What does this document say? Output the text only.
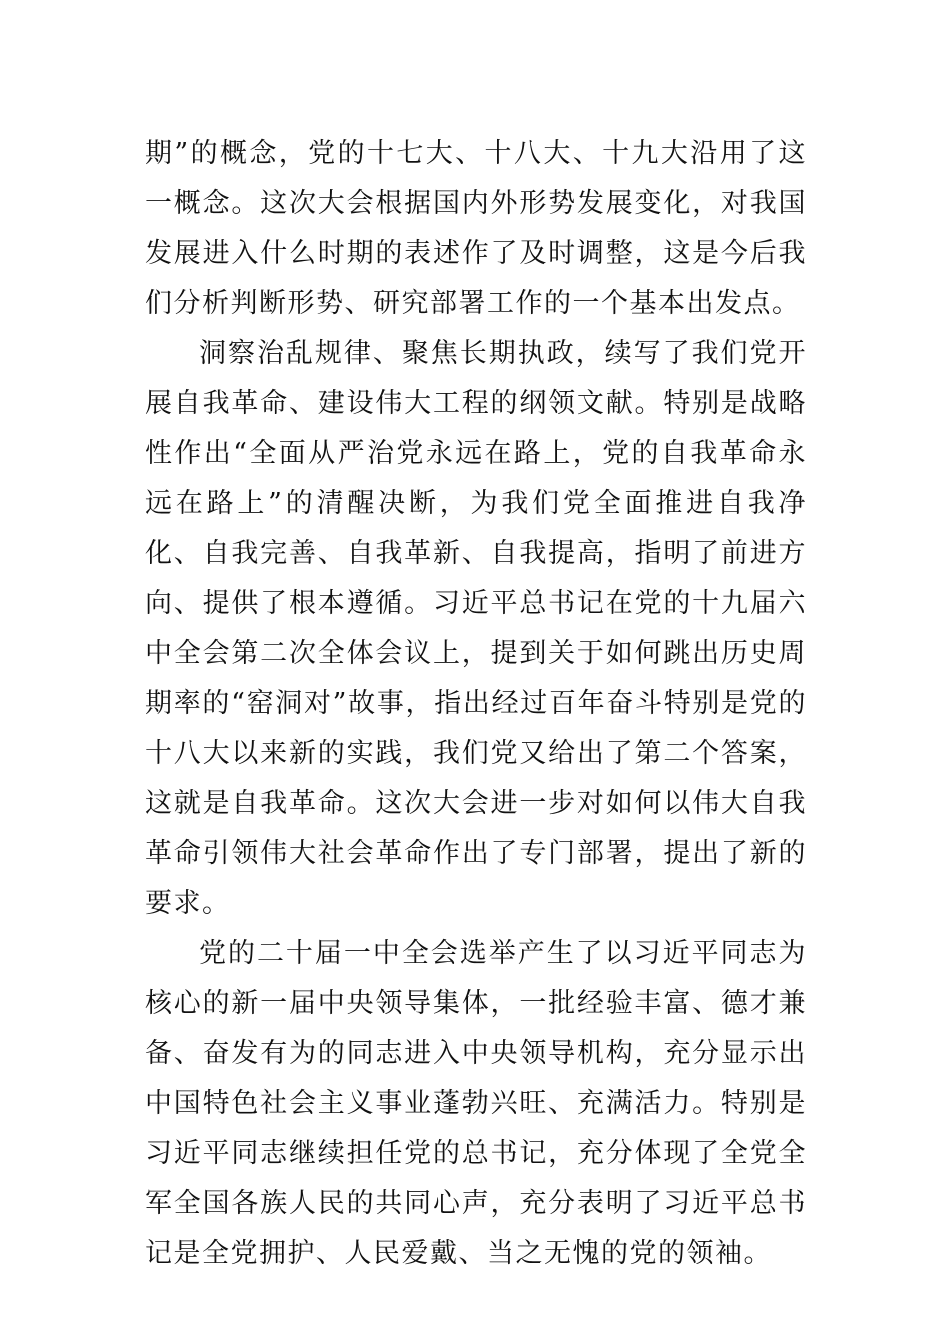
期”的概念，党的十七大、十八大、十九大沿用了这一概念。这次大会根据国内外形势发展变化，对我国发展进入什么时期的表述作了及时调整，这是今后我们分析判断形势、研究部署工作的一个基本出发点。

洞察治乱规律、聚焦长期执政，续写了我们党开展自我革命、建设伟大工程的纲领文献。特别是战略性作出“全面从严治党永远在路上，党的自我革命永远在路上”的清醒决断，为我们党全面推进自我净化、自我完善、自我革新、自我提高，指明了前进方向、提供了根本遵循。习近平总书记在党的十九届六中全会第二次全体会议上，提到关于如何跳出历史周期率的“窑洞对”故事，指出经过百年奋斗特别是党的十八大以来新的实践，我们党又给出了第二个答案，这就是自我革命。这次大会进一步对如何以伟大自我革命引领伟大社会革命作出了专门部署，提出了新的要求。

党的二十届一中全会选举产生了以习近平同志为核心的新一届中央领导集体，一批经验丰富、德才兼备、奋发有为的同志进入中央领导机构，充分显示出中国特色社会主义事业蓬勃兴旺、充满活力。特别是习近平同志继续担任党的总书记，充分体现了全党全军全国各族人民的共同心声，充分表明了习近平总书记是全党拥护、人民爱戴、当之无愧的党的领袖。
